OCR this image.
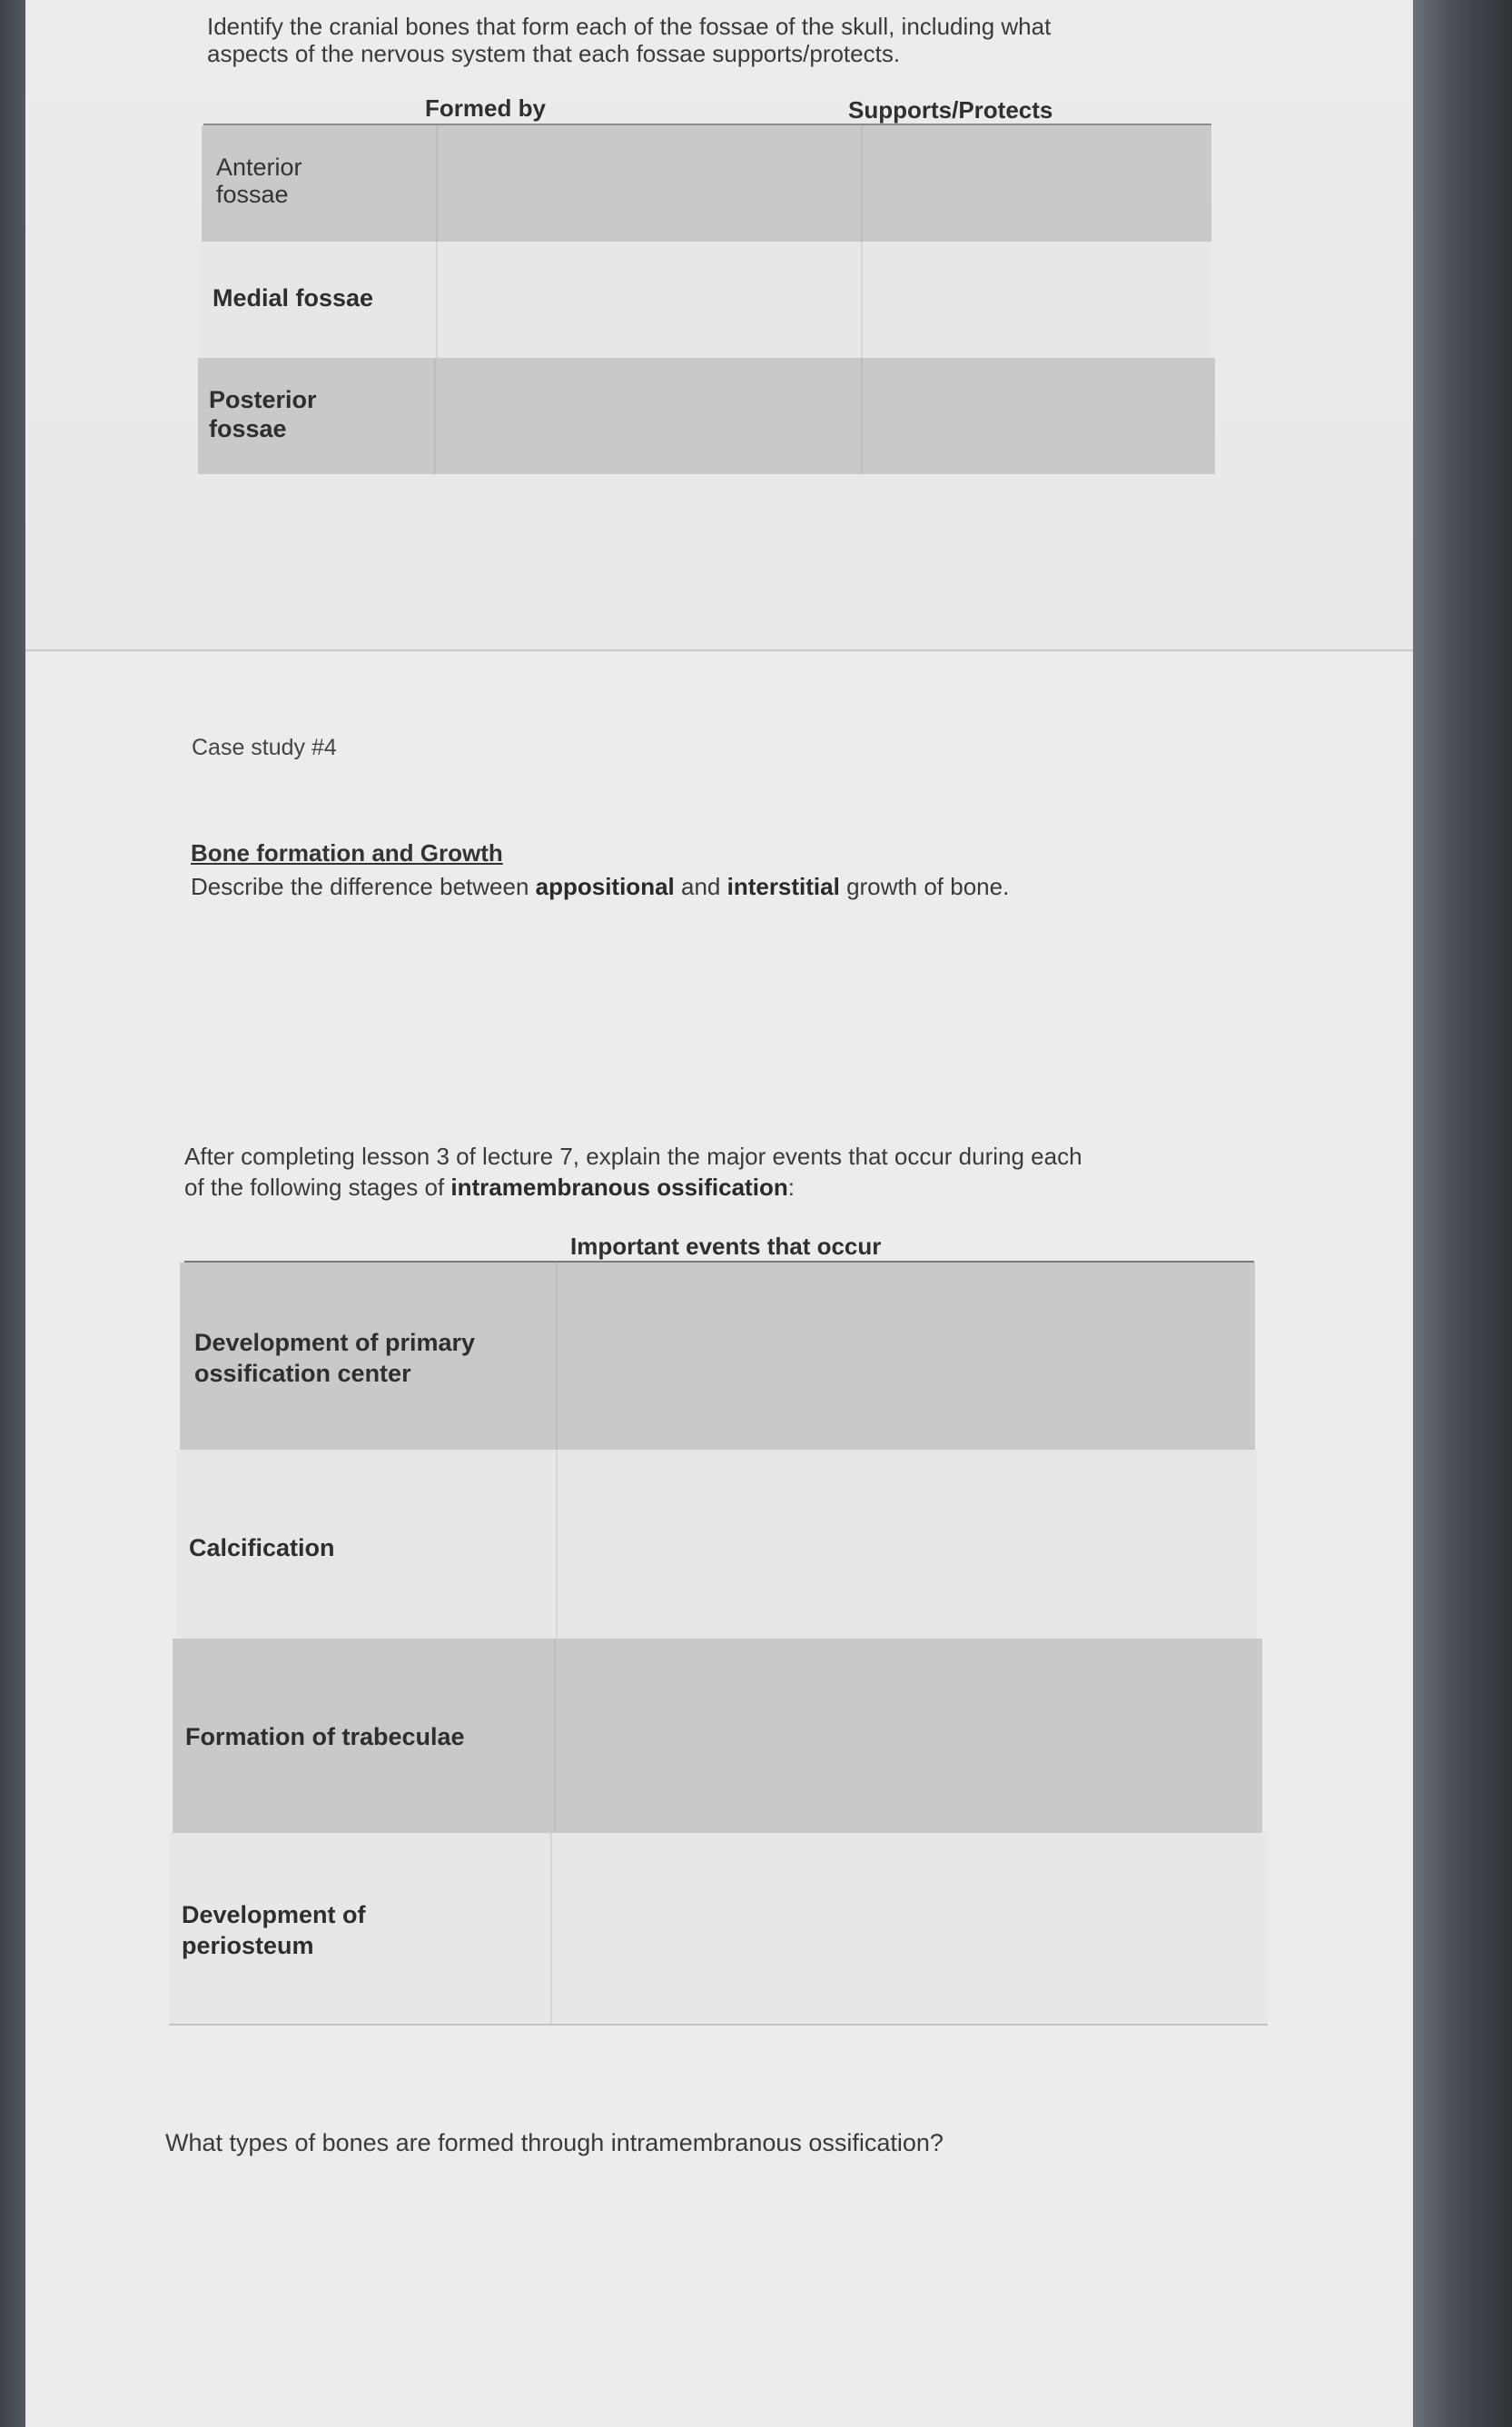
Identify the cranial bones that form each of the fossae of the skull, including what
aspects of the nervous system that each fossae supports/protects.
Formed by	Supports/Protects
Anterior
fossae
Medial fossae
Posterior
fossae
Case study #4
Bone formation and Growth
Describe the difference between appositional and interstitial growth of bone.
After completing lesson 3 of lecture 7, explain the major events that occur during each
of the following stages of intramembranous ossification:
Important events that occur
Development of primary
ossification center
Calcification
Formation of trabeculae
Development of
periosteum
What types of bones are formed through intramembranous ossification?
